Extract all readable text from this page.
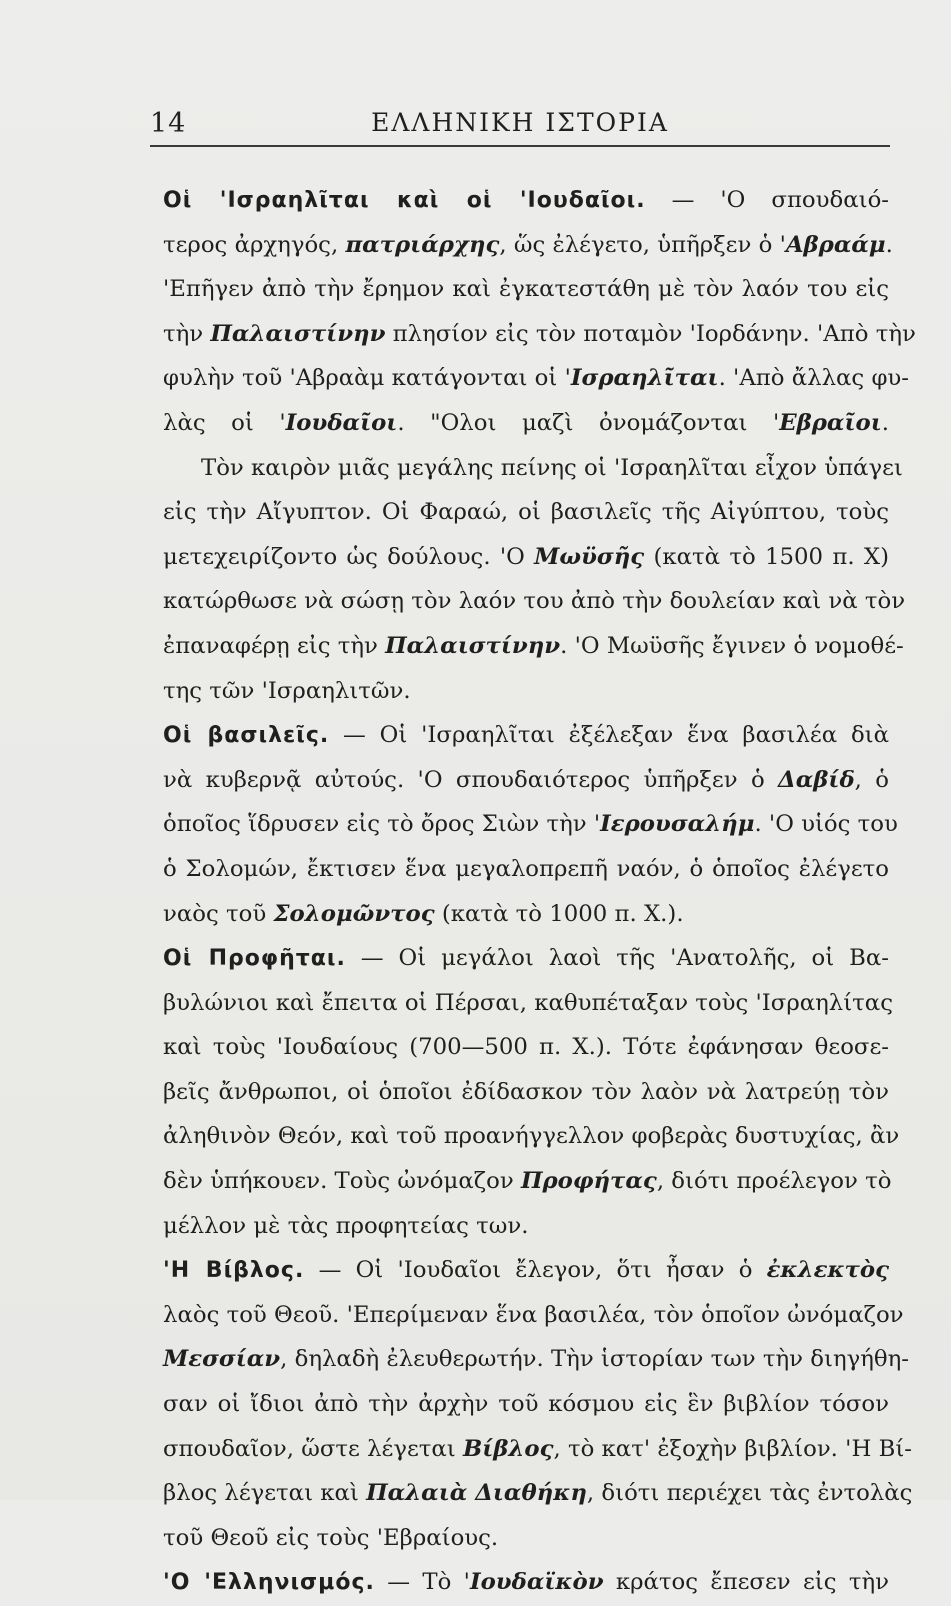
14	ΕΛΛΗΝΙΚΗ ΙΣΤΟΡΙΑ
Οἱ 'Ισραηλῖται καὶ οἱ 'Ιουδαῖοι. — 'Ο σπουδαιό-
τερος ἀρχηγός, πατριάρχης, ὥς ἐλέγετο, ὑπῆρξεν ὁ 'Αβραάμ.
'Επῆγεν ἀπὸ τὴν ἔρημον καὶ ἐγκατεστάθη μὲ τὸν λαόν του εἰς
τὴν Παλαιστίνην πλησίον εἰς τὸν ποταμὸν 'Ιορδάνην. 'Απὸ τὴν
φυλὴν τοῦ 'Αβραὰμ κατάγονται οἱ 'Ισραηλῖται. 'Απὸ ἄλλας φυ-
λὰς οἱ 'Ιουδαῖοι. "Ολοι μαζὶ ὀνομάζονται 'Εβραῖοι.
Τὸν καιρὸν μιᾶς μεγάλης πείνης οἱ 'Ισραηλῖται εἶχον ὑπάγει
εἰς τὴν Αἴγυπτον. Οἱ Φαραώ, οἱ βασιλεῖς τῆς Αἰγύπτου, τοὺς
μετεχειρίζοντο ὡς δούλους. 'Ο Μωϋσῆς (κατὰ τὸ 1500 π. Χ)
κατώρθωσε νὰ σώσῃ τὸν λαόν του ἀπὸ τὴν δουλείαν καὶ νὰ τὸν
ἐπαναφέρῃ εἰς τὴν Παλαιστίνην. 'Ο Μωϋσῆς ἔγινεν ὁ νομοθέ-
της τῶν 'Ισραηλιτῶν.
Οἱ βασιλεῖς. — Οἱ 'Ισραηλῖται ἐξέλεξαν ἕνα βασιλέα διὰ
νὰ κυβερνᾷ αὐτούς. 'Ο σπουδαιότερος ὑπῆρξεν ὁ Δαβίδ, ὁ
ὁποῖος ἵδρυσεν εἰς τὸ ὄρος Σιὼν τὴν 'Ιερουσαλήμ. 'Ο υἱός του
ὁ Σολομών, ἔκτισεν ἕνα μεγαλοπρεπῆ ναόν, ὁ ὁποῖος ἐλέγετο
ναὸς τοῦ Σολομῶντος (κατὰ τὸ 1000 π. Χ.).
Οἱ Προφῆται. — Οἱ μεγάλοι λαοὶ τῆς 'Ανατολῆς, οἱ Βα-
βυλώνιοι καὶ ἔπειτα οἱ Πέρσαι, καθυπέταξαν τοὺς 'Ισραηλίτας
καὶ τοὺς 'Ιουδαίους (700—500 π. Χ.). Τότε ἐφάνησαν θεοσε-
βεῖς ἄνθρωποι, οἱ ὁποῖοι ἐδίδασκον τὸν λαὸν νὰ λατρεύῃ τὸν
ἀληθινὸν Θεόν, καὶ τοῦ προανήγγελλον φοβερὰς δυστυχίας, ἂν
δὲν ὑπήκουεν. Τοὺς ὠνόμαζον Προφήτας, διότι προέλεγον τὸ
μέλλον μὲ τὰς προφητείας των.
'Η Βίβλος. — Οἱ 'Ιουδαῖοι ἔλεγον, ὅτι ἦσαν ὁ ἐκλεκτὸς
λαὸς τοῦ Θεοῦ. 'Επερίμεναν ἕνα βασιλέα, τὸν ὁποῖον ὠνόμαζον
Μεσσίαν, δηλαδὴ ἐλευθερωτήν. Τὴν ἱστορίαν των τὴν διηγήθη-
σαν οἱ ἴδιοι ἀπὸ τὴν ἀρχὴν τοῦ κόσμου εἰς ἓν βιβλίον τόσον
σπουδαῖον, ὥστε λέγεται Βίβλος, τὸ κατ' ἐξοχὴν βιβλίον. 'Η Βί-
βλος λέγεται καὶ Παλαιὰ Διαθήκη, διότι περιέχει τὰς ἐντολὰς
τοῦ Θεοῦ εἰς τοὺς 'Εβραίους.
'Ο 'Ελληνισμός. — Τὸ 'Ιουδαϊκὸν κράτος ἔπεσεν εἰς τὴν
